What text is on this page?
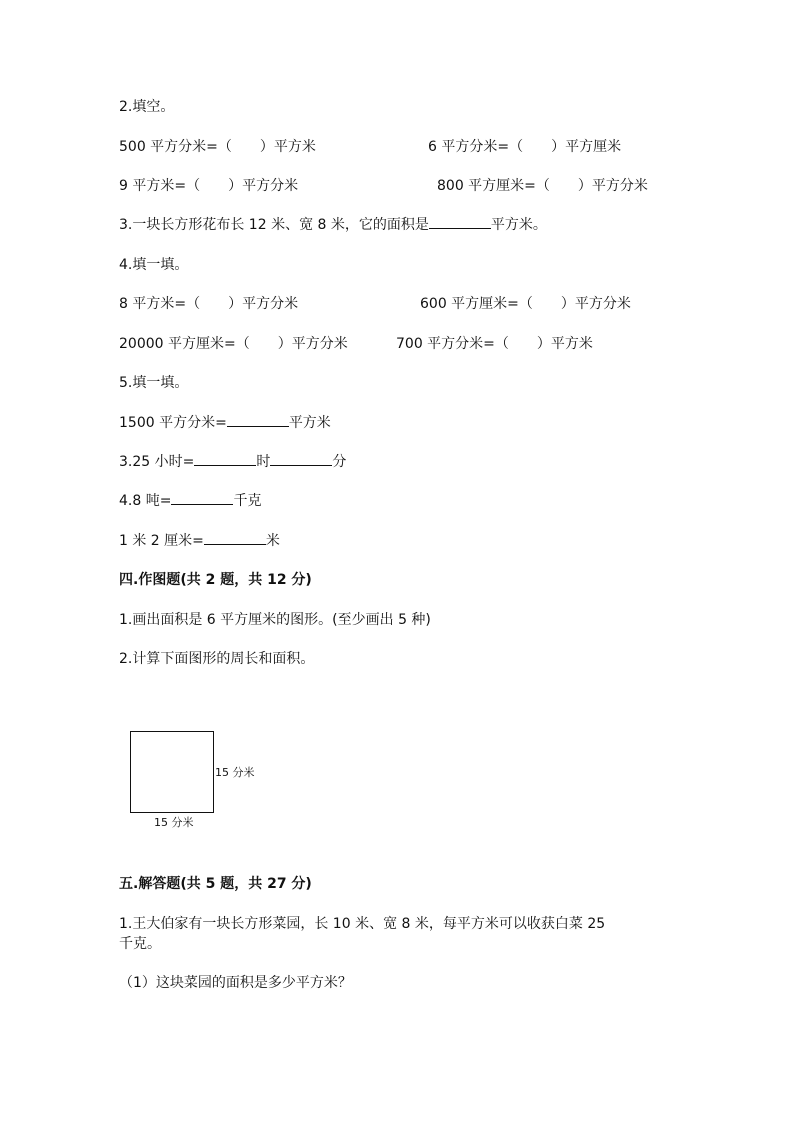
2.填空。
500 平方分米=（ ）平方米	6 平方分米=（ ）平方厘米
9 平方米=（ ）平方分米	800 平方厘米=（ ）平方分米
3.一块长方形花布长 12 米、宽 8 米，它的面积是	平方米。
4.填一填。
8 平方米=（ ）平方分米	600 平方厘米=（ ）平方分米
20000 平方厘米=（ ）平方分米	700 平方分米=（ ）平方米
5.填一填。
1500 平方分米=	平方米
3.25 小时=	时	分
4.8 吨=	千克
1 米 2 厘米=	米
四.作图题(共 2 题，共 12 分)
1.画出面积是 6 平方厘米的图形。(至少画出 5 种)
2.计算下面图形的周长和面积。
15 分米
15 分米
五.解答题(共 5 题，共 27 分)
1.王大伯家有一块长方形菜园，长 10 米、宽 8 米，每平方米可以收获白菜 25
千克。
（1）这块菜园的面积是多少平方米？
